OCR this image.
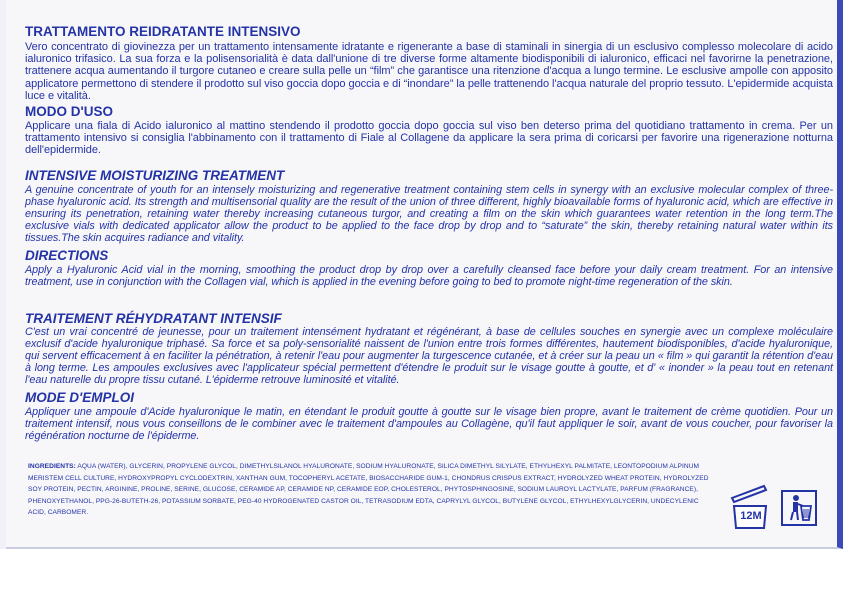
TRATTAMENTO REIDRATANTE INTENSIVO

Vero concentrato di giovinezza per un trattamento intensamente idratante e rigenerante a base di staminali in sinergia di un esclusivo complesso molecolare di acido ialuronico trifasico. La sua forza e la polisensorialità è data dall'unione di tre diverse forme altamente biodisponibili di ialuronico, efficaci nel favorirne la penetrazione, trattenere acqua aumentando il turgore cutaneo e creare sulla pelle un “film” che garantisce una ritenzione d'acqua a lungo termine. Le esclusive ampolle con apposito applicatore permettono di stendere il prodotto sul viso goccia dopo goccia e di “inondare” la pelle trattenendo l'acqua naturale del proprio tessuto. L'epidermide acquista luce e vitalità.

MODO D'USO

Applicare una fiala di Acido ialuronico al mattino stendendo il prodotto goccia dopo goccia sul viso ben deterso prima del quotidiano trattamento in crema. Per un trattamento intensivo si consiglia l'abbinamento con il trattamento di Fiale al Collagene da applicare la sera prima di coricarsi per favorire una rigenerazione notturna dell'epidermide.

INTENSIVE MOISTURIZING TREATMENT

A genuine concentrate of youth for an intensely moisturizing and regenerative treatment containing stem cells in synergy with an exclusive molecular complex of three-phase hyaluronic acid. Its strength and multisensorial quality are the result of the union of three different, highly bioavailable forms of hyaluronic acid, which are effective in ensuring its penetration, retaining water thereby increasing cutaneous turgor, and creating a film on the skin which guarantees water retention in the long term.The exclusive vials with dedicated applicator allow the product to be applied to the face drop by drop and to “saturate” the skin, thereby retaining natural water within its tissues.The skin acquires radiance and vitality.

DIRECTIONS

Apply a Hyaluronic Acid vial in the morning, smoothing the product drop by drop over a carefully cleansed face before your daily cream treatment. For an intensive treatment, use in conjunction with the Collagen vial, which is applied in the evening before going to bed to promote night-time regeneration of the skin.

TRAITEMENT RÉHYDRATANT INTENSIF

C'est un vrai concentré de jeunesse, pour un traitement intensément hydratant et régénérant, à base de cellules souches en synergie avec un complexe moléculaire exclusif d'acide hyaluronique triphasé. Sa force et sa poly-sensorialité naissent de l'union entre trois formes différentes, hautement biodisponibles, d'acide hyaluronique, qui servent efficacement à en faciliter la pénétration, à retenir l'eau pour augmenter la turgescence cutanée, et à créer sur la peau un « film » qui garantit la rétention d'eau à long terme. Les ampoules exclusives avec l'applicateur spécial permettent d'étendre le produit sur le visage goutte à goutte, et d' « inonder » la peau tout en retenant l'eau naturelle du propre tissu cutané. L'épiderme retrouve luminosité et vitalité.

MODE D'EMPLOI

Appliquer une ampoule d'Acide hyaluronique le matin, en étendant le produit goutte à goutte sur le visage bien propre, avant le traitement de crème quotidien. Pour un traitement intensif, nous vous conseillons de le combiner avec le traitement d'ampoules au Collagène, qu'il faut appliquer le soir, avant de vous coucher, pour favoriser la régénération nocturne de l'épiderme.

INGREDIENTS: AQUA (WATER), GLYCERIN, PROPYLENE GLYCOL, DIMETHYLSILANOL HYALURONATE, SODIUM HYALURONATE, SILICA DIMETHYL SILYLATE, ETHYLHEXYL PALMITATE, LEONTOPODIUM ALPINUM MERISTEM CELL CULTURE, HYDROXYPROPYL CYCLODEXTRIN, XANTHAN GUM, TOCOPHERYL ACETATE, BIOSACCHARIDE GUM-1, CHONDRUS CRISPUS EXTRACT, HYDROLYZED WHEAT PROTEIN, HYDROLYZED SOY PROTEIN, PECTIN, ARGININE, PROLINE, SERINE, GLUCOSE, CERAMIDE AP, CERAMIDE NP, CERAMIDE EOP, CHOLESTEROL, PHYTOSPHINGOSINE, SODIUM LAUROYL LACTYLATE, PARFUM (FRAGRANCE), PHENOXYETHANOL, PPG-26-BUTETH-26, POTASSIUM SORBATE, PEG-40 HYDROGENATED CASTOR OIL, TETRASODIUM EDTA, CAPRYLYL GLYCOL, BUTYLENE GLYCOL, ETHYLHEXYLGLYCERIN, UNDECYLENIC ACID, CARBOMER.	12M
